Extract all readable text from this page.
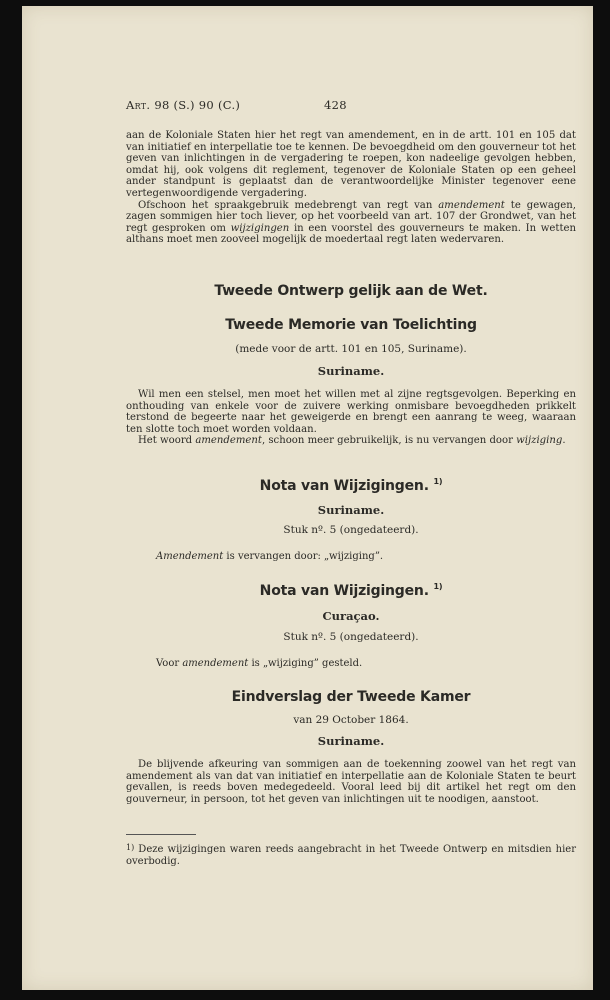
Art. 98 (S.) 90 (C.)	428

aan de Koloniale Staten hier het regt van amendement, en in de artt. 101 en 105 dat van initiatief en interpellatie toe te kennen. De bevoegdheid om den gouverneur tot het geven van inlichtingen in de vergadering te roepen, kon nadeelige gevolgen hebben, omdat hij, ook volgens dit reglement, tegenover de Koloniale Staten op een geheel ander standpunt is geplaatst dan de verantwoordelijke Minister tegenover eene vertegenwoordigende vergadering.

Ofschoon het spraakgebruik medebrengt van regt van amendement te gewagen, zagen sommigen hier toch liever, op het voorbeeld van art. 107 der Grondwet, van het regt gesproken om wijzigingen in een voorstel des gouverneurs te maken. In wetten althans moet men zooveel mogelijk de moedertaal regt laten wedervaren.

Tweede Ontwerp gelijk aan de Wet.
Tweede Memorie van Toelichting
(mede voor de artt. 101 en 105, Suriname).
Suriname.

Wil men een stelsel, men moet het willen met al zijne regtsgevolgen. Beperking en onthouding van enkele voor de zuivere werking onmisbare bevoegdheden prikkelt terstond de begeerte naar het geweigerde en brengt een aanrang te weeg, waaraan ten slotte toch moet worden voldaan.

Het woord amendement, schoon meer gebruikelijk, is nu vervangen door wijziging.

Nota van Wijzigingen. $^{1)}$
Suriname.
Stuk nº. 5 (ongedateerd).
Amendement is vervangen door: „wijziging”.
Nota van Wijzigingen. $^{1)}$
Curaçao.
Stuk nº. 5 (ongedateerd).
Voor amendement is „wijziging” gesteld.
Eindverslag der Tweede Kamer
van 29 October 1864.
Suriname.

De blijvende afkeuring van sommigen aan de toekenning zoowel van het regt van amendement als van dat van initiatief en interpellatie aan de Koloniale Staten te beurt gevallen, is reeds boven medegedeeld. Vooral leed bij dit artikel het regt om den gouverneur, in persoon, tot het geven van inlichtingen uit te noodigen, aanstoot.

$^{1)}$ Deze wijzigingen waren reeds aangebracht in het Tweede Ontwerp en mitsdien hier overbodig.
